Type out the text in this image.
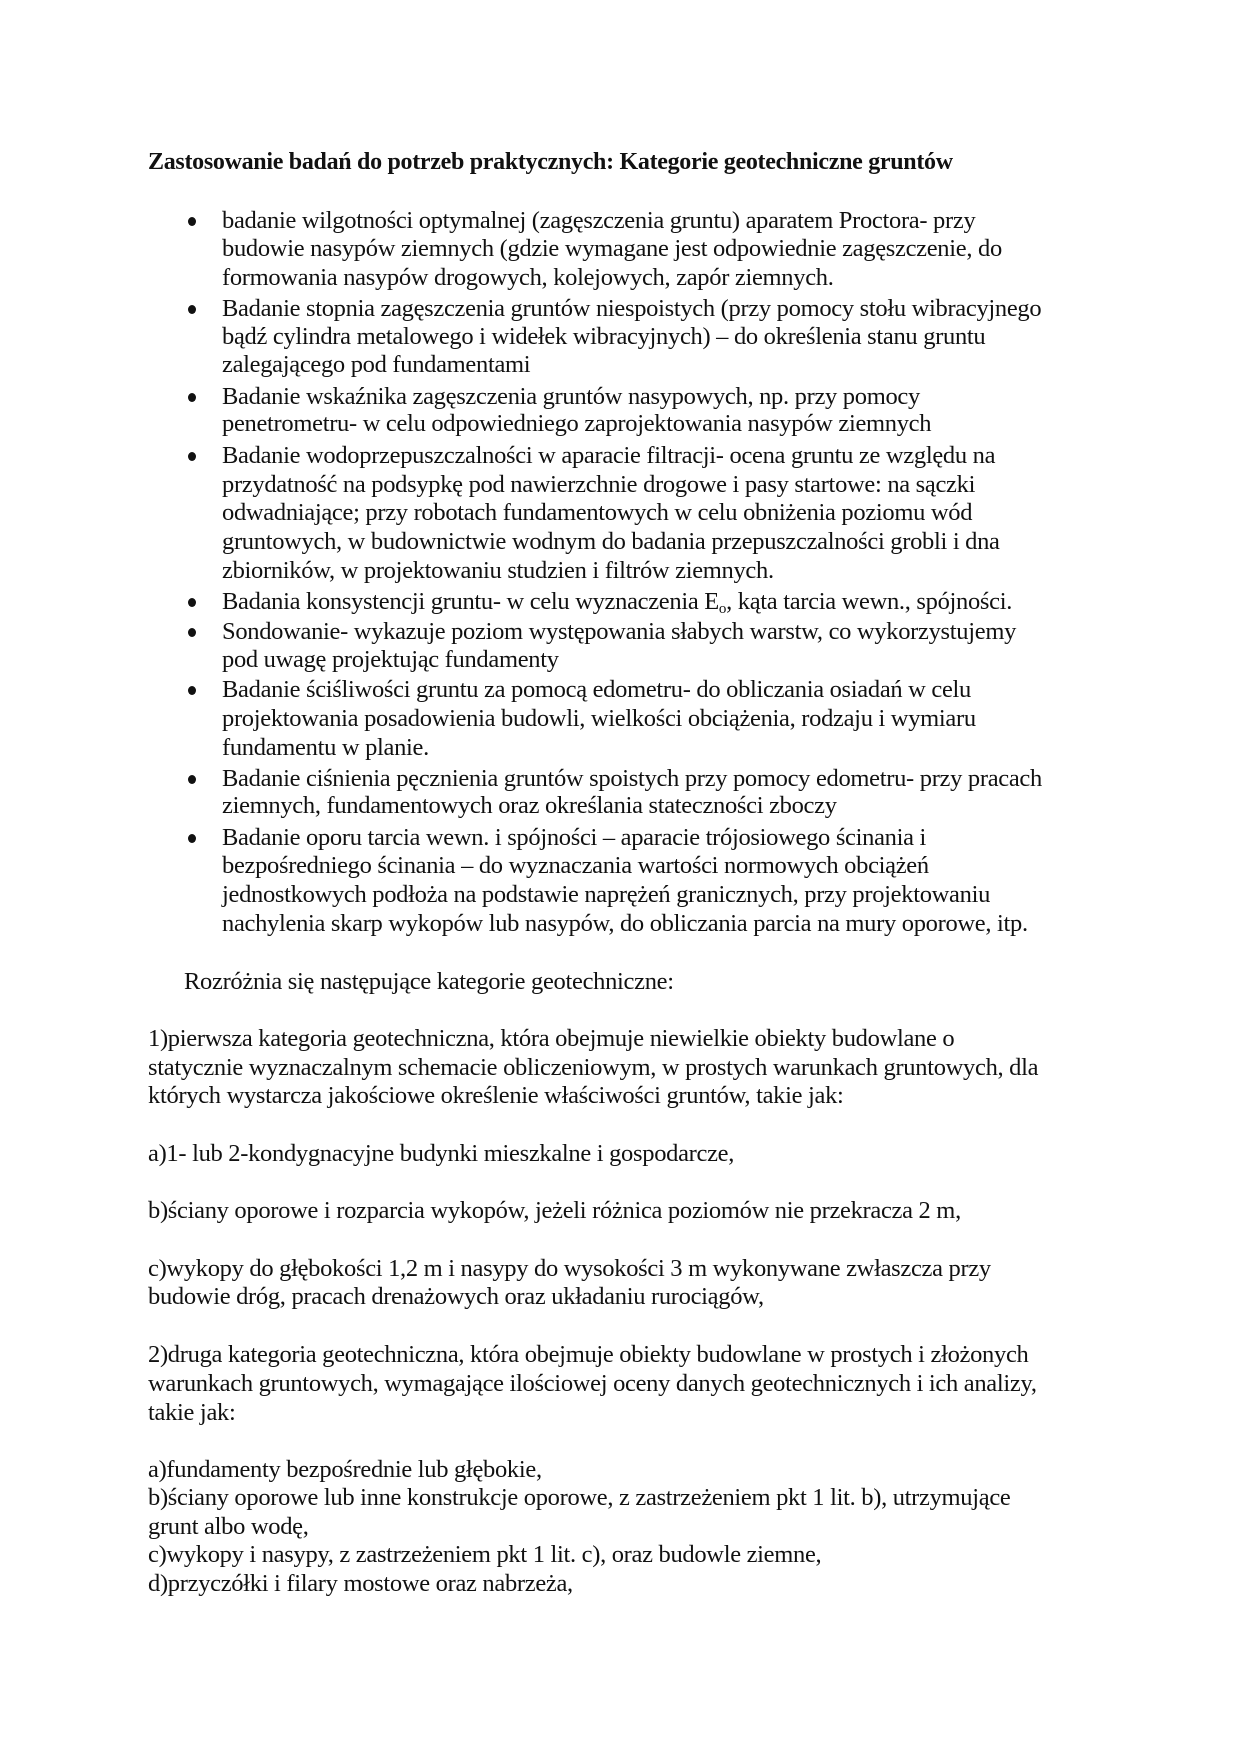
Zastosowanie badań do potrzeb praktycznych: Kategorie geotechniczne gruntów
Rozróżnia się następujące kategorie geotechniczne:
badanie wilgotności optymalnej (zagęszczenia gruntu) aparatem Proctora- przy
budowie nasypów ziemnych (gdzie wymagane jest odpowiednie zagęszczenie, do
formowania nasypów drogowych, kolejowych, zapór ziemnych.
Badanie stopnia zagęszczenia gruntów niespoistych (przy pomocy stołu wibracyjnego
bądź cylindra metalowego i widełek wibracyjnych) – do określenia stanu gruntu
zalegającego pod fundamentami
Badanie wskaźnika zagęszczenia gruntów nasypowych, np. przy pomocy
penetrometru- w celu odpowiedniego zaprojektowania nasypów ziemnych
Badanie wodoprzepuszczalności w aparacie filtracji- ocena gruntu ze względu na
przydatność na podsypkę pod nawierzchnie drogowe i pasy startowe: na sączki
odwadniające; przy robotach fundamentowych w celu obniżenia poziomu wód
gruntowych, w budownictwie wodnym do badania przepuszczalności grobli i dna
zbiorników, w projektowaniu studzien i filtrów ziemnych.
Badania konsystencji gruntu- w celu wyznaczenia $E_o$, kąta tarcia wewn., spójności.
Sondowanie- wykazuje poziom występowania słabych warstw, co wykorzystujemy
pod uwagę projektując fundamenty
Badanie ściśliwości gruntu za pomocą edometru- do obliczania osiadań w celu
projektowania posadowienia budowli, wielkości obciążenia, rodzaju i wymiaru
fundamentu w planie.
Badanie ciśnienia pęcznienia gruntów spoistych przy pomocy edometru- przy pracach
ziemnych, fundamentowych oraz określania stateczności zboczy
Badanie oporu tarcia wewn. i spójności – aparacie trójosiowego ścinania i
bezpośredniego ścinania – do wyznaczania wartości normowych obciążeń
jednostkowych podłoża na podstawie naprężeń granicznych, przy projektowaniu
nachylenia skarp wykopów lub nasypów, do obliczania parcia na mury oporowe, itp.
1)pierwsza kategoria geotechniczna, która obejmuje niewielkie obiekty budowlane o
statycznie wyznaczalnym schemacie obliczeniowym, w prostych warunkach gruntowych, dla
których wystarcza jakościowe określenie właściwości gruntów, takie jak:
a)1- lub 2-kondygnacyjne budynki mieszkalne i gospodarcze,
b)ściany oporowe i rozparcia wykopów, jeżeli różnica poziomów nie przekracza 2 m,
c)wykopy do głębokości 1,2 m i nasypy do wysokości 3 m wykonywane zwłaszcza przy
budowie dróg, pracach drenażowych oraz układaniu rurociągów,
2)druga kategoria geotechniczna, która obejmuje obiekty budowlane w prostych i złożonych
warunkach gruntowych, wymagające ilościowej oceny danych geotechnicznych i ich analizy,
takie jak:
a)fundamenty bezpośrednie lub głębokie,
b)ściany oporowe lub inne konstrukcje oporowe, z zastrzeżeniem pkt 1 lit. b), utrzymujące
grunt albo wodę,
c)wykopy i nasypy, z zastrzeżeniem pkt 1 lit. c), oraz budowle ziemne,
d)przyczółki i filary mostowe oraz nabrzeża,
